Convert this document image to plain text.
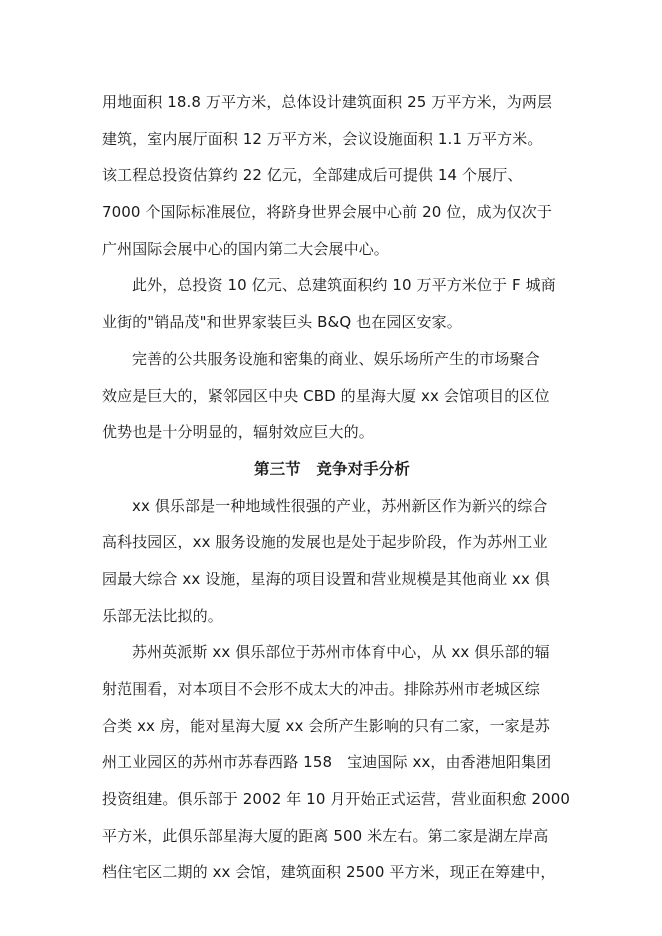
用地面积 18.8 万平方米，总体设计建筑面积 25 万平方米，为两层
建筑，室内展厅面积 12 万平方米，会议设施面积 1.1 万平方米。
该工程总投资估算约 22 亿元，全部建成后可提供 14 个展厅、
7000 个国际标准展位，将跻身世界会展中心前 20 位，成为仅次于
广州国际会展中心的国内第二大会展中心。
此外，总投资 10 亿元、总建筑面积约 10 万平方米位于 F 城商
业街的"销品茂"和世界家装巨头 B&Q 也在园区安家。
完善的公共服务设施和密集的商业、娱乐场所产生的市场聚合
效应是巨大的，紧邻园区中央 CBD 的星海大厦 xx 会馆项目的区位
优势也是十分明显的，辐射效应巨大的。
第三节　竞争对手分析
xx 俱乐部是一种地域性很强的产业，苏州新区作为新兴的综合
高科技园区，xx 服务设施的发展也是处于起步阶段，作为苏州工业
园最大综合 xx 设施，星海的项目设置和营业规模是其他商业 xx 俱
乐部无法比拟的。
苏州英派斯 xx 俱乐部位于苏州市体育中心，从 xx 俱乐部的辐
射范围看，对本项目不会形不成太大的冲击。排除苏州市老城区综
合类 xx 房，能对星海大厦 xx 会所产生影响的只有二家，一家是苏
州工业园区的苏州市苏春西路 158　宝迪国际 xx，由香港旭阳集团
投资组建。俱乐部于 2002 年 10 月开始正式运营，营业面积愈 2000
平方米，此俱乐部星海大厦的距离 500 米左右。第二家是湖左岸高
档住宅区二期的 xx 会馆，建筑面积 2500 平方米，现正在筹建中，
